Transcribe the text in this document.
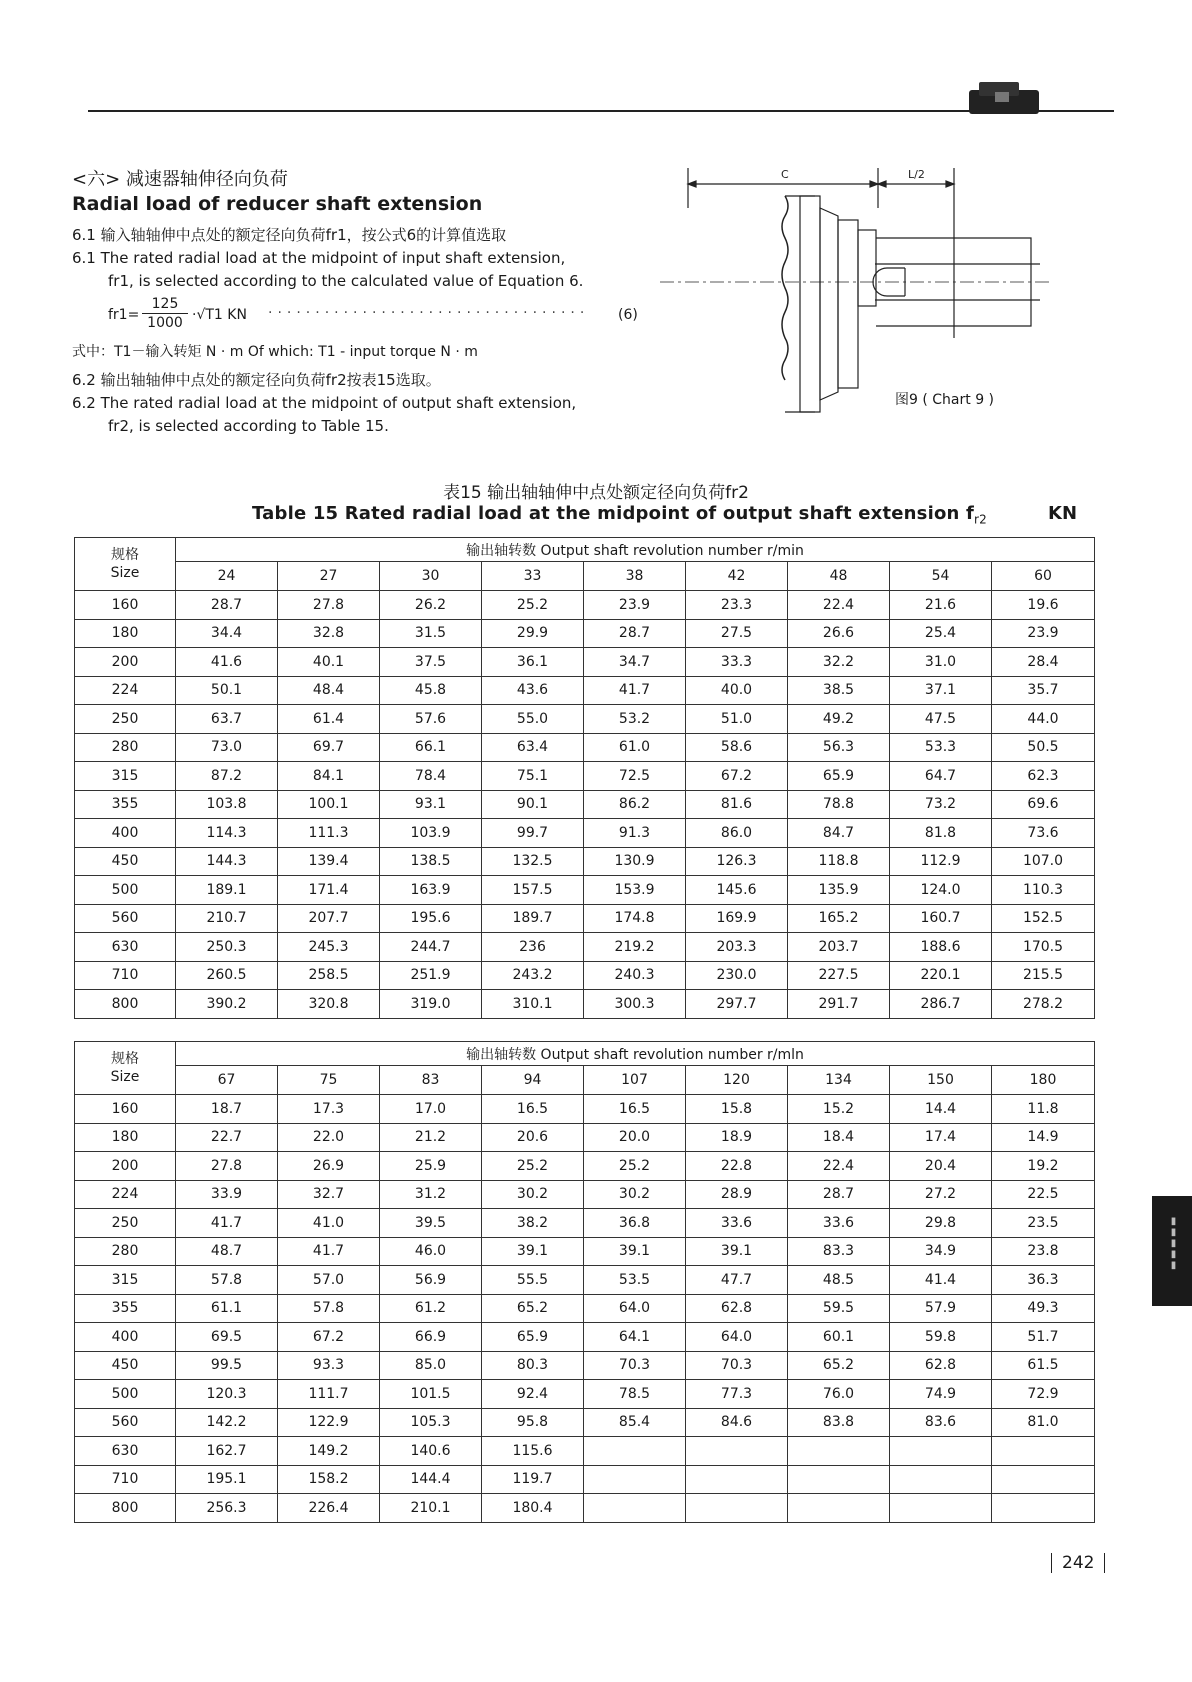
<六> 减速器轴伸径向负荷

Radial load of reducer shaft extension

6.1 输入轴轴伸中点处的额定径向负荷fr1，按公式6的计算值选取

6.1 The rated radial load at the midpoint of input shaft extension,

fr1, is selected according to the calculated value of Equation 6.

$fr1= \frac{125}{1000} \cdot√T1$ KN ·································· (6)

式中：T1－输入转矩 N · m Of which: T1 - input torque N · m

6.2 输出轴轴伸中点处的额定径向负荷fr2按表15选取。

6.2 The rated radial load at the midpoint of output shaft extension,

fr2, is selected according to Table 15.

C	L/2
图9 ( Chart 9 )
表15 输出轴轴伸中点处额定径向负荷fr2
Table 15 Rated radial load at the midpoint of output shaft extension $f_{r2}$	KN
规格
Size	输出轴转数 Output shaft revolution number r/min								
	24	27	30	33	38	42	48	54	60
160	28.7	27.8	26.2	25.2	23.9	23.3	22.4	21.6	19.6
180	34.4	32.8	31.5	29.9	28.7	27.5	26.6	25.4	23.9
200	41.6	40.1	37.5	36.1	34.7	33.3	32.2	31.0	28.4
224	50.1	48.4	45.8	43.6	41.7	40.0	38.5	37.1	35.7
250	63.7	61.4	57.6	55.0	53.2	51.0	49.2	47.5	44.0
280	73.0	69.7	66.1	63.4	61.0	58.6	56.3	53.3	50.5
315	87.2	84.1	78.4	75.1	72.5	67.2	65.9	64.7	62.3
355	103.8	100.1	93.1	90.1	86.2	81.6	78.8	73.2	69.6
400	114.3	111.3	103.9	99.7	91.3	86.0	84.7	81.8	73.6
450	144.3	139.4	138.5	132.5	130.9	126.3	118.8	112.9	107.0
500	189.1	171.4	163.9	157.5	153.9	145.6	135.9	124.0	110.3
560	210.7	207.7	195.6	189.7	174.8	169.9	165.2	160.7	152.5
630	250.3	245.3	244.7	236	219.2	203.3	203.7	188.6	170.5
710	260.5	258.5	251.9	243.2	240.3	230.0	227.5	220.1	215.5
800	390.2	320.8	319.0	310.1	300.3	297.7	291.7	286.7	278.2
规格
Size	输出轴转数 Output shaft revolution number r/mln								
	67	75	83	94	107	120	134	150	180
160	18.7	17.3	17.0	16.5	16.5	15.8	15.2	14.4	11.8
180	22.7	22.0	21.2	20.6	20.0	18.9	18.4	17.4	14.9
200	27.8	26.9	25.9	25.2	25.2	22.8	22.4	20.4	19.2
224	33.9	32.7	31.2	30.2	30.2	28.9	28.7	27.2	22.5
250	41.7	41.0	39.5	38.2	36.8	33.6	33.6	29.8	23.5
280	48.7	41.7	46.0	39.1	39.1	39.1	83.3	34.9	23.8
315	57.8	57.0	56.9	55.5	53.5	47.7	48.5	41.4	36.3
355	61.1	57.8	61.2	65.2	64.0	62.8	59.5	57.9	49.3
400	69.5	67.2	66.9	65.9	64.1	64.0	60.1	59.8	51.7
450	99.5	93.3	85.0	80.3	70.3	70.3	65.2	62.8	61.5
500	120.3	111.7	101.5	92.4	78.5	77.3	76.0	74.9	72.9
560	142.2	122.9	105.3	95.8	85.4	84.6	83.8	83.6	81.0
630	162.7	149.2	140.6	115.6					
710	195.1	158.2	144.4	119.7					
800	256.3	226.4	210.1	180.4					
▮▮▮▮▮
242
